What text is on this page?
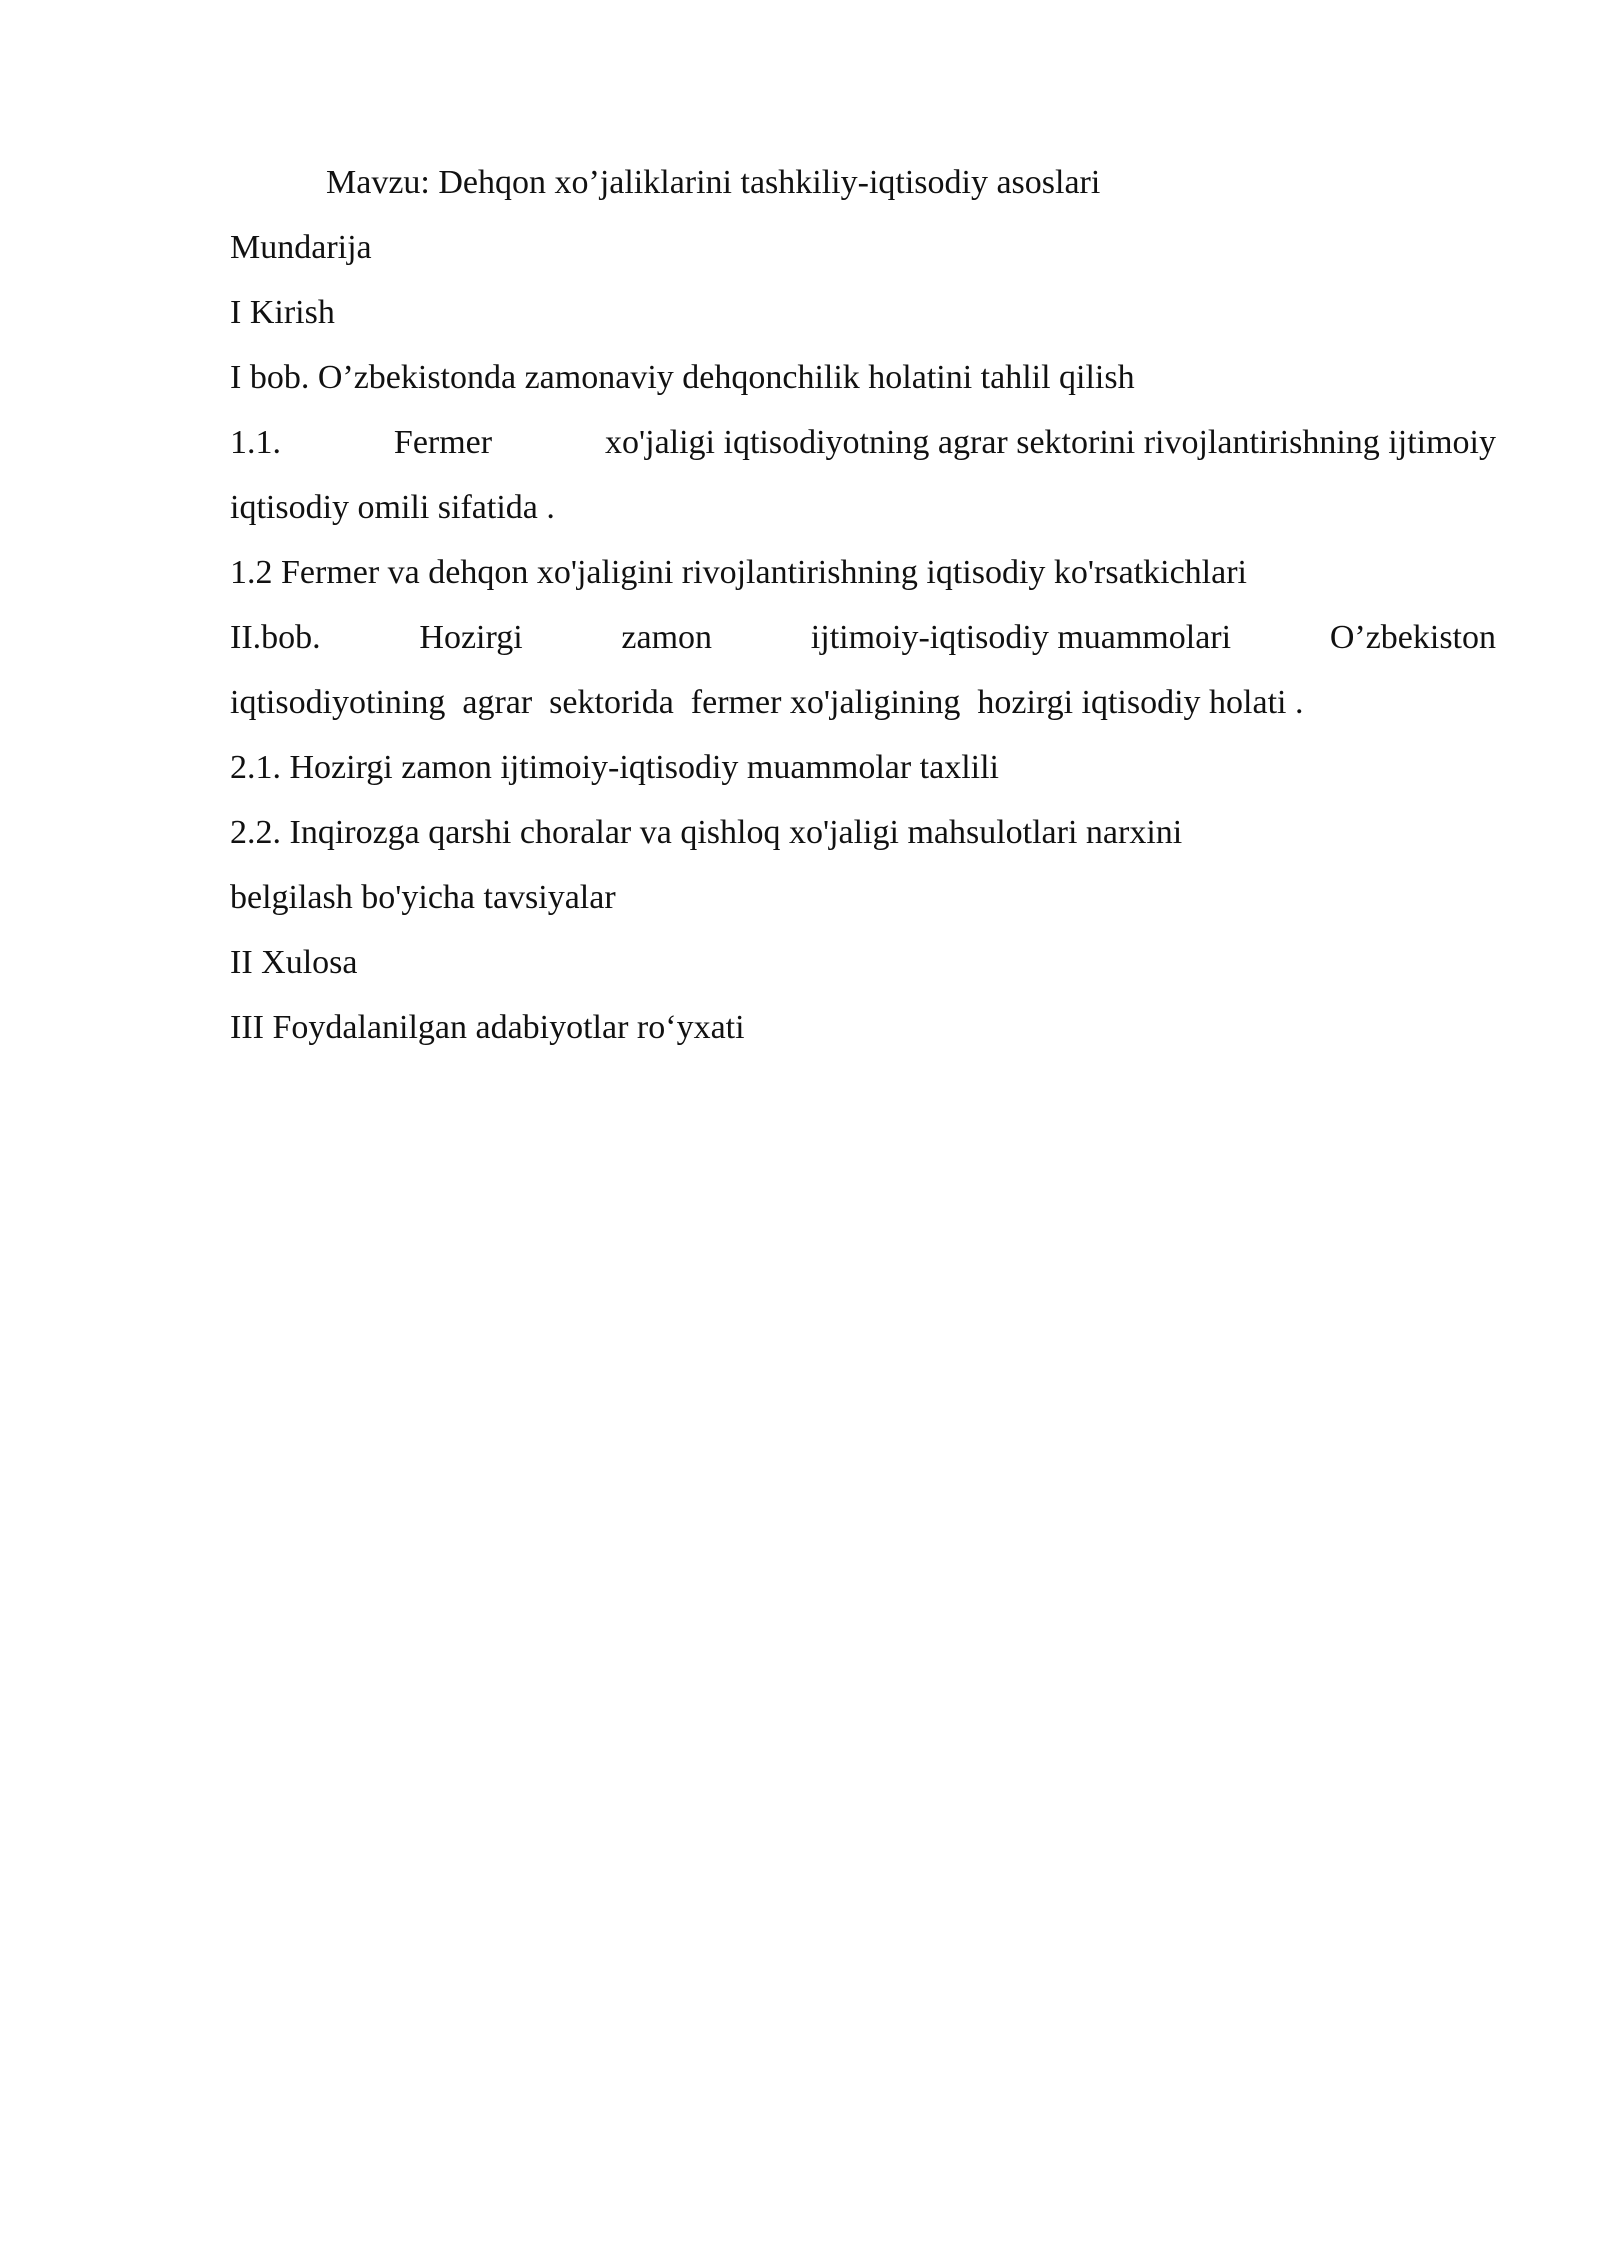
Mavzu: Dehqon xo’jaliklarini tashkiliy-iqtisodiy asoslari

Mundarija

I Kirish

I bob. O’zbekistonda zamonaviy dehqonchilik holatini tahlil qilish

1.1.	Fermer	xo'jaligi iqtisodiyotning agrar sektorini rivojlantirishning ijtimoiy

iqtisodiy omili sifatida .

1.2 Fermer va dehqon xo'jaligini rivojlantirishning iqtisodiy ko'rsatkichlari

II.bob.	Hozirgi	zamon	ijtimoiy-iqtisodiy muammolari	O’zbekiston

iqtisodiyotining  agrar  sektorida  fermer xo'jaligining  hozirgi iqtisodiy holati .

2.1. Hozirgi zamon ijtimoiy-iqtisodiy muammolar taxlili

2.2. Inqirozga qarshi choralar va qishloq xo'jaligi mahsulotlari narxini

belgilash bo'yicha tavsiyalar

II Xulosa

III Foydalanilgan adabiyotlar ro‘yxati
